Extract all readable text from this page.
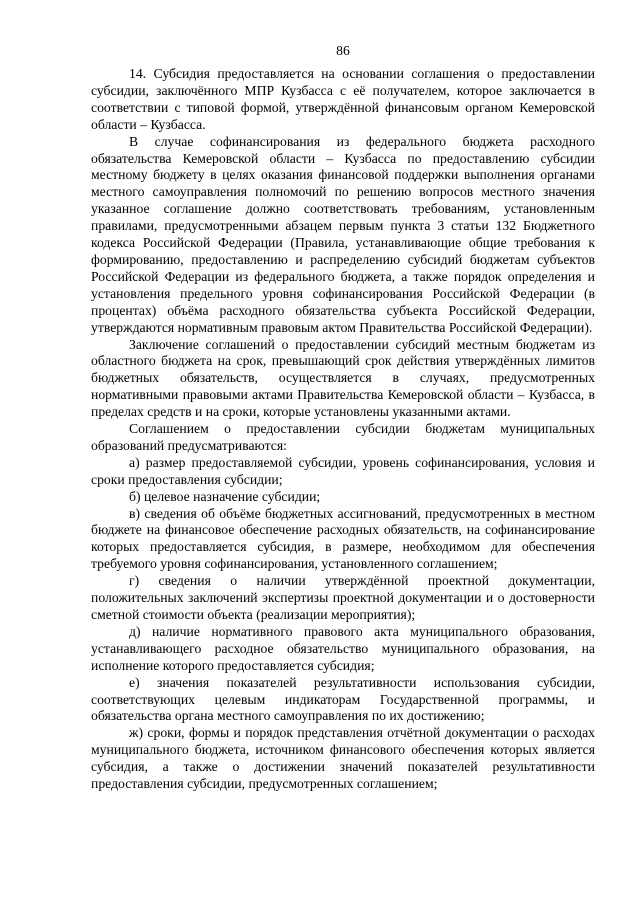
86

14. Субсидия предоставляется на основании соглашения о предоставлении субсидии, заключённого МПР Кузбасса с её получателем, которое заключается в соответствии с типовой формой, утверждённой финансовым органом Кемеровской области – Кузбасса.

В случае софинансирования из федерального бюджета расходного обязательства Кемеровской области – Кузбасса по предоставлению субсидии местному бюджету в целях оказания финансовой поддержки выполнения органами местного самоуправления полномочий по решению вопросов местного значения указанное соглашение должно соответствовать требованиям, установленным правилами, предусмотренными абзацем первым пункта 3 статьи 132 Бюджетного кодекса Российской Федерации (Правила, устанавливающие общие требования к формированию, предоставлению и распределению субсидий бюджетам субъектов Российской Федерации из федерального бюджета, а также порядок определения и установления предельного уровня софинансирования Российской Федерации (в процентах) объёма расходного обязательства субъекта Российской Федерации, утверждаются нормативным правовым актом Правительства Российской Федерации).

Заключение соглашений о предоставлении субсидий местным бюджетам из областного бюджета на срок, превышающий срок действия утверждённых лимитов бюджетных обязательств, осуществляется в случаях, предусмотренных нормативными правовыми актами Правительства Кемеровской области – Кузбасса, в пределах средств и на сроки, которые установлены указанными актами.

Соглашением о предоставлении субсидии бюджетам муниципальных образований предусматриваются:

а) размер предоставляемой субсидии, уровень софинансирования, условия и сроки предоставления субсидии;

б) целевое назначение субсидии;

в) сведения об объёме бюджетных ассигнований, предусмотренных в местном бюджете на финансовое обеспечение расходных обязательств, на софинансирование которых предоставляется субсидия, в размере, необходимом для обеспечения требуемого уровня софинансирования, установленного соглашением;

г) сведения о наличии утверждённой проектной документации, положительных заключений экспертизы проектной документации и о достоверности сметной стоимости объекта (реализации мероприятия);

д) наличие нормативного правового акта муниципального образования, устанавливающего расходное обязательство муниципального образования, на исполнение которого предоставляется субсидия;

е) значения показателей результативности использования субсидии, соответствующих целевым индикаторам Государственной программы, и обязательства органа местного самоуправления по их достижению;

ж) сроки, формы и порядок представления отчётной документации о расходах муниципального бюджета, источником финансового обеспечения которых является субсидия, а также о достижении значений показателей результативности предоставления субсидии, предусмотренных соглашением;
